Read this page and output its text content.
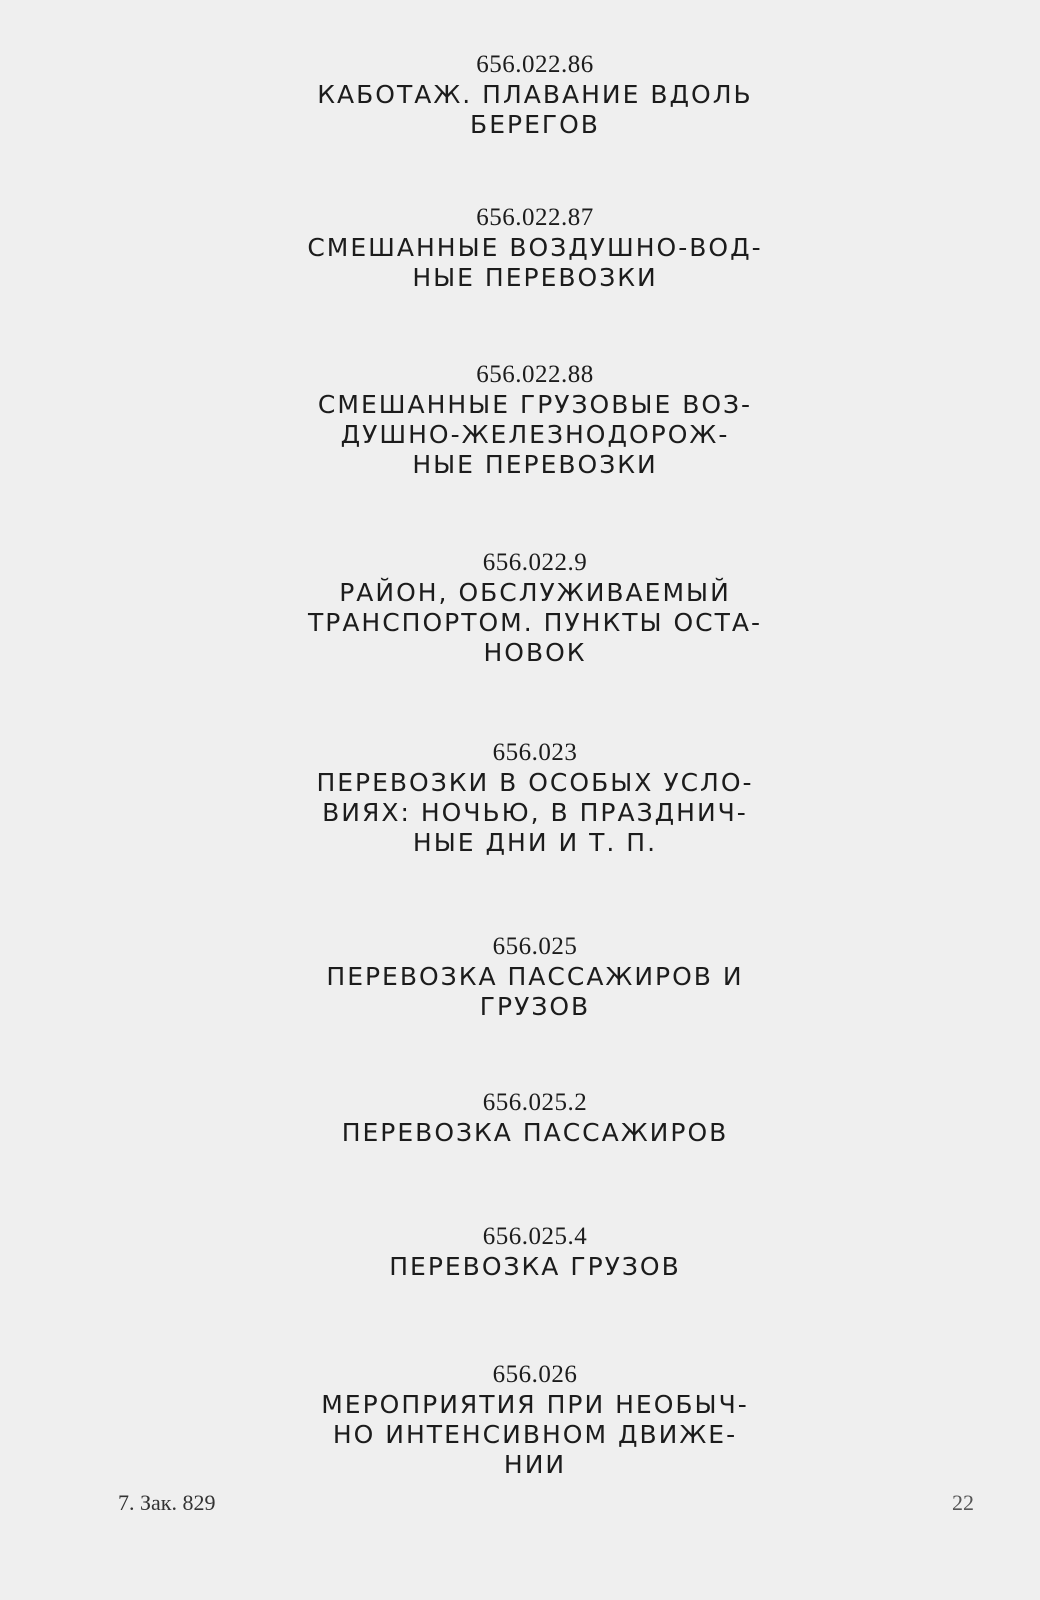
656.022.86
КАБОТАЖ. ПЛАВАНИЕ ВДОЛЬ
БЕРЕГОВ
656.022.87
СМЕШАННЫЕ ВОЗДУШНО-ВОД-
НЫЕ ПЕРЕВОЗКИ
656.022.88
СМЕШАННЫЕ ГРУЗОВЫЕ ВОЗ-
ДУШНО-ЖЕЛЕЗНОДОРОЖ-
НЫЕ ПЕРЕВОЗКИ
656.022.9
РАЙОН, ОБСЛУЖИВАЕМЫЙ
ТРАНСПОРТОМ. ПУНКТЫ ОСТА-
НОВОК
656.023
ПЕРЕВОЗКИ В ОСОБЫХ УСЛО-
ВИЯХ: НОЧЬЮ, В ПРАЗДНИЧ-
НЫЕ ДНИ И Т. П.
656.025
ПЕРЕВОЗКА ПАССАЖИРОВ И
ГРУЗОВ
656.025.2
ПЕРЕВОЗКА ПАССАЖИРОВ
656.025.4
ПЕРЕВОЗКА ГРУЗОВ
656.026
МЕРОПРИЯТИЯ ПРИ НЕОБЫЧ-
НО ИНТЕНСИВНОМ ДВИЖЕ-
НИИ
7. Зак. 829	22
